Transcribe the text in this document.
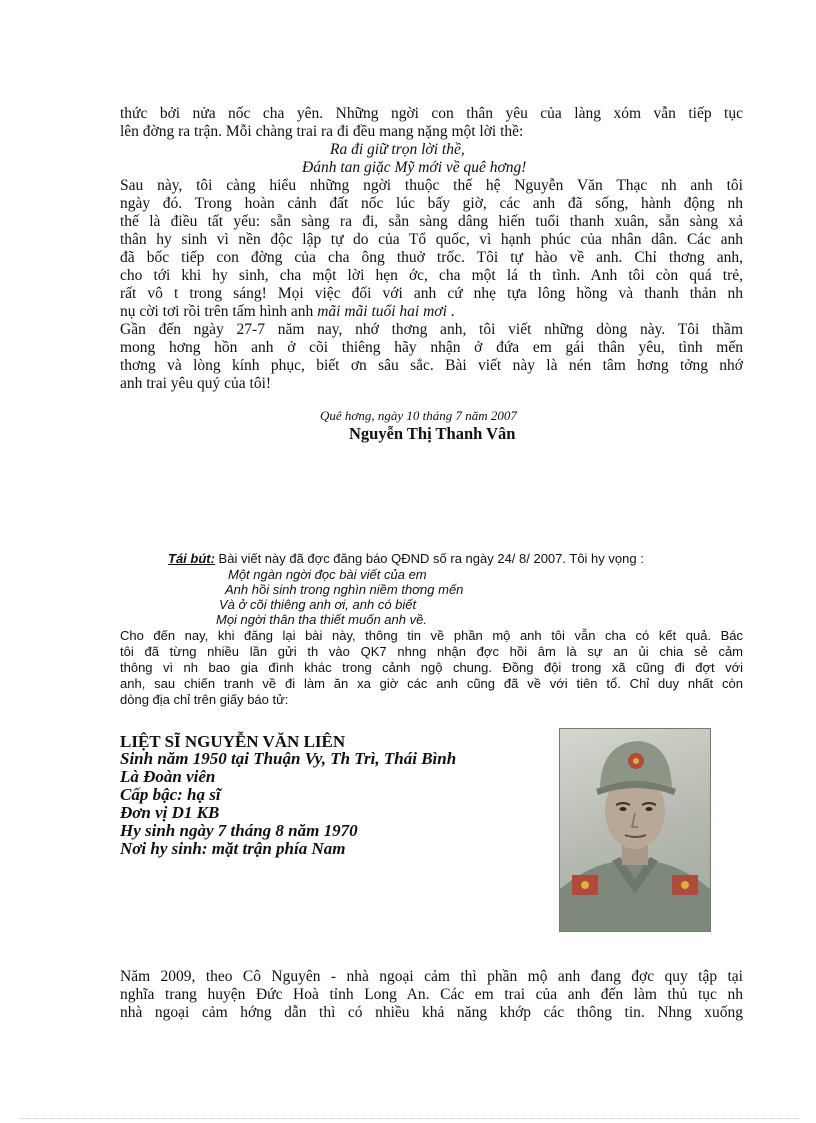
thức bởi nửa nốc cha yên. Những ngời con thân yêu của làng xóm vẫn tiếp tục
lên đờng ra trận. Mỗi chàng trai ra đi đều mang nặng một lời thề:
Ra đi giữ trọn lời thề,
Đánh tan giặc Mỹ mới về quê hơng!
Sau này, tôi càng hiểu những ngời thuộc thế hệ Nguyễn Văn Thạc nh anh tôi
ngày đó. Trong hoàn cảnh đất nốc lúc bấy giờ, các anh đã sống, hành động nh
thế là điều tất yếu: sẵn sàng ra đi, sẵn sàng dâng hiến tuổi thanh xuân, sẵn sàng xả
thân hy sinh vì nền độc lập tự do của Tổ quốc, vì hạnh phúc của nhân dân. Các anh
đã bốc tiếp con đờng của cha ông thuở trốc. Tôi tự hào về anh. Chỉ thơng anh,
cho tới khi hy sinh, cha một lời hẹn ớc, cha một lá th tình. Anh tôi còn quá trẻ,
rất vô t trong sáng! Mọi việc đối với anh cứ nhẹ tựa lông hồng và thanh thản nh
nụ cời tơi rồi trên tấm hình anh mãi mãi tuổi hai mơi .
Gần đến ngày 27-7 năm nay, nhớ thơng anh, tôi viết những dòng này. Tôi thầm
mong hơng hồn anh ở cõi thiêng hãy nhận ở đứa em gái thân yêu, tình mến
thơng và lòng kính phục, biết ơn sâu sắc. Bài viết này là nén tâm hơng tởng nhớ
anh trai yêu quý của tôi!
Quê hơng, ngày 10 tháng 7 năm 2007
Nguyễn Thị Thanh Vân
Tái bút: Bài viết này đã đợc đăng báo QĐND số ra ngày 24/ 8/ 2007. Tôi hy vọng :
Một ngàn ngời đọc bài viết của em
Anh hồi sinh trong nghìn niềm thơng mến
Và ở cõi thiêng anh ơi, anh có biết
Mọi ngời thân tha thiết muốn anh về.
Cho đến nay, khi đăng lại bài này, thông tin về phần mộ anh tôi vẫn cha có kết quả. Bác
tôi đã từng nhiều lần gửi th vào QK7 nhng nhận đợc hồi âm là sự an ủi chia sẻ cảm
thông vì nh bao gia đình khác trong cảnh ngộ chung. Đồng đội trong xã cũng đi đợt với
anh, sau chiến tranh về đi làm ăn xa giờ các anh cũng đã về với tiên tổ. Chỉ duy nhất còn
dòng địa chỉ trên giấy báo tử:
LIỆT SĨ NGUYỄN VĂN LIÊN
Sinh năm 1950 tại Thuận Vy, Th Trì, Thái Bình
Là Đoàn viên
Cấp bậc: hạ sĩ
Đơn vị D1 KB
Hy sinh ngày 7 tháng 8 năm 1970
Nơi hy sinh: mặt trận phía Nam
Năm 2009, theo Cô Nguyên - nhà ngoại cảm thì phần mộ anh đang đợc quy tập tại
nghĩa trang huyện Đức Hoà tỉnh Long An. Các em trai của anh đến làm thủ tục nh
nhà ngoại cảm hớng dẫn thì có nhiều khả năng khớp các thông tin. Nhng xuống
